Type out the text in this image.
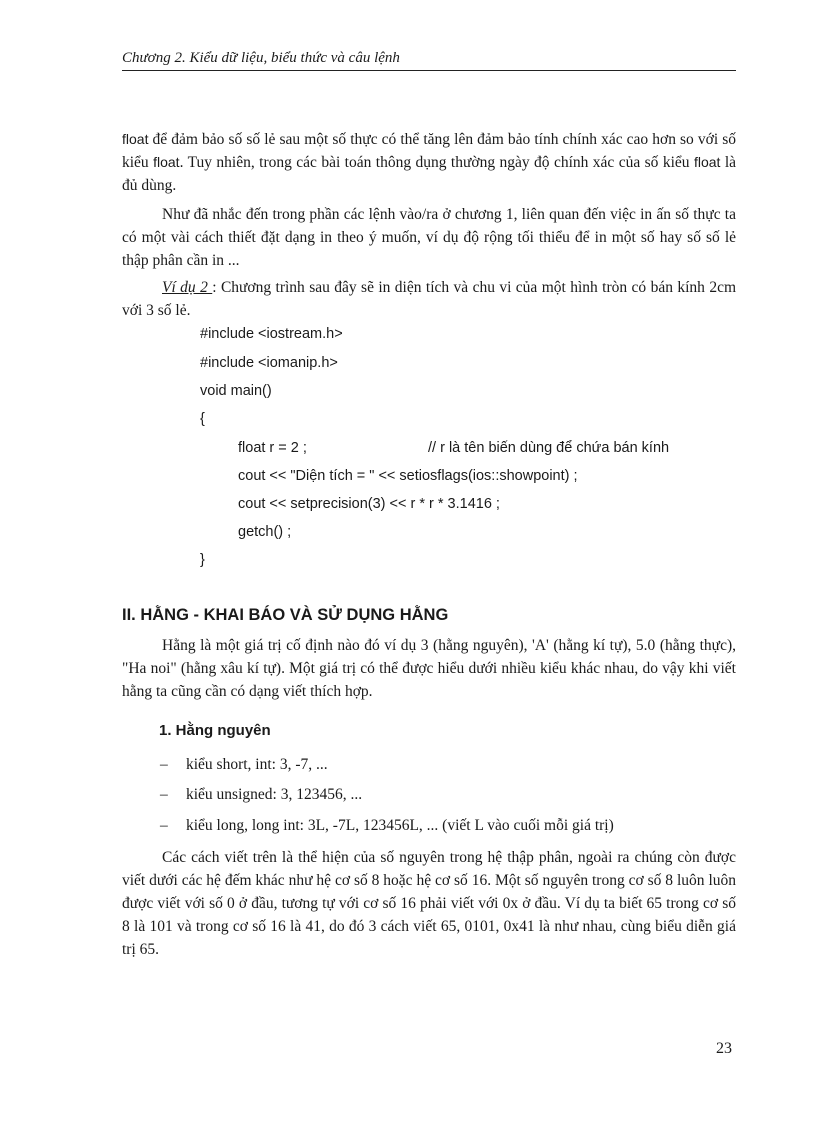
Chương 2. Kiểu dữ liệu, biểu thức và câu lệnh
float để đảm bảo số số lẻ sau một số thực có thể tăng lên đảm bảo tính chính xác cao hơn so với số kiểu float. Tuy nhiên, trong các bài toán thông dụng thường ngày độ chính xác của số kiểu float là đủ dùng.
Như đã nhắc đến trong phần các lệnh vào/ra ở chương 1, liên quan đến việc in ấn số thực ta có một vài cách thiết đặt dạng in theo ý muốn, ví dụ độ rộng tối thiểu để in một số hay số số lẻ thập phân cần in ...
Ví dụ 2 : Chương trình sau đây sẽ in diện tích và chu vi của một hình tròn có bán kính 2cm với 3 số lẻ.
#include <iostream.h>
#include <iomanip.h>
void main()
{
float r = 2 ;	// r là tên biến dùng để chứa bán kính
cout << "Diện tích = " << setiosflags(ios::showpoint) ;
cout << setprecision(3) << r * r * 3.1416 ;
getch() ;
}
II. HẰNG - KHAI BÁO VÀ SỬ DỤNG HẰNG
Hằng là một giá trị cố định nào đó ví dụ 3 (hằng nguyên), 'A' (hằng kí tự), 5.0 (hằng thực), "Ha noi" (hằng xâu kí tự). Một giá trị có thể được hiểu dưới nhiều kiểu khác nhau, do vậy khi viết hằng ta cũng cần có dạng viết thích hợp.
1. Hằng nguyên
– kiểu short, int: 3, -7, ...
– kiểu unsigned: 3, 123456, ...
– kiểu long, long int: 3L, -7L, 123456L, ... (viết L vào cuối mỗi giá trị)
Các cách viết trên là thể hiện của số nguyên trong hệ thập phân, ngoài ra chúng còn được viết dưới các hệ đếm khác như hệ cơ số 8 hoặc hệ cơ số 16. Một số nguyên trong cơ số 8 luôn luôn được viết với số 0 ở đầu, tương tự với cơ số 16 phải viết với 0x ở đầu. Ví dụ ta biết 65 trong cơ số 8 là 101 và trong cơ số 16 là 41, do đó 3 cách viết 65, 0101, 0x41 là như nhau, cùng biểu diễn giá trị 65.
23
